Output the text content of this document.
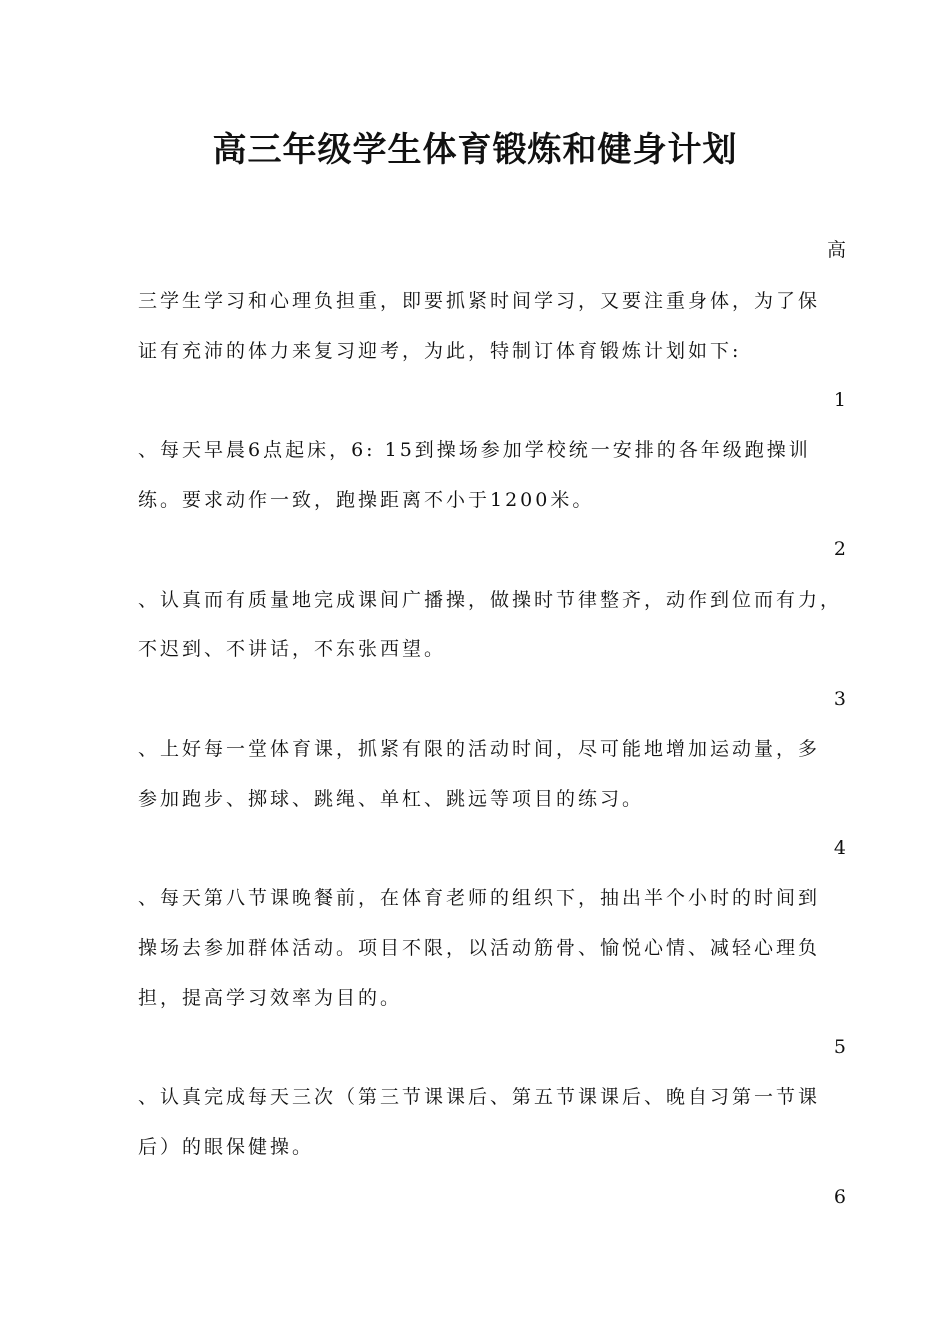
高三年级学生体育锻炼和健身计划
高
三学生学习和心理负担重，即要抓紧时间学习，又要注重身体，为了保
证有充沛的体力来复习迎考，为此，特制订体育锻炼计划如下:
1
、每天早晨6点起床，6: 15到操场参加学校统一安排的各年级跑操训
练。要求动作一致，跑操距离不小于1200米。
2
、认真而有质量地完成课间广播操，做操时节律整齐，动作到位而有力，
不迟到、不讲话，不东张西望。
3
、上好每一堂体育课，抓紧有限的活动时间，尽可能地增加运动量，多
参加跑步、掷球、跳绳、单杠、跳远等项目的练习。
4
、每天第八节课晚餐前，在体育老师的组织下，抽出半个小时的时间到
操场去参加群体活动。项目不限，以活动筋骨、愉悦心情、减轻心理负
担，提高学习效率为目的。
5
、认真完成每天三次（第三节课课后、第五节课课后、晚自习第一节课
后）的眼保健操。
6
